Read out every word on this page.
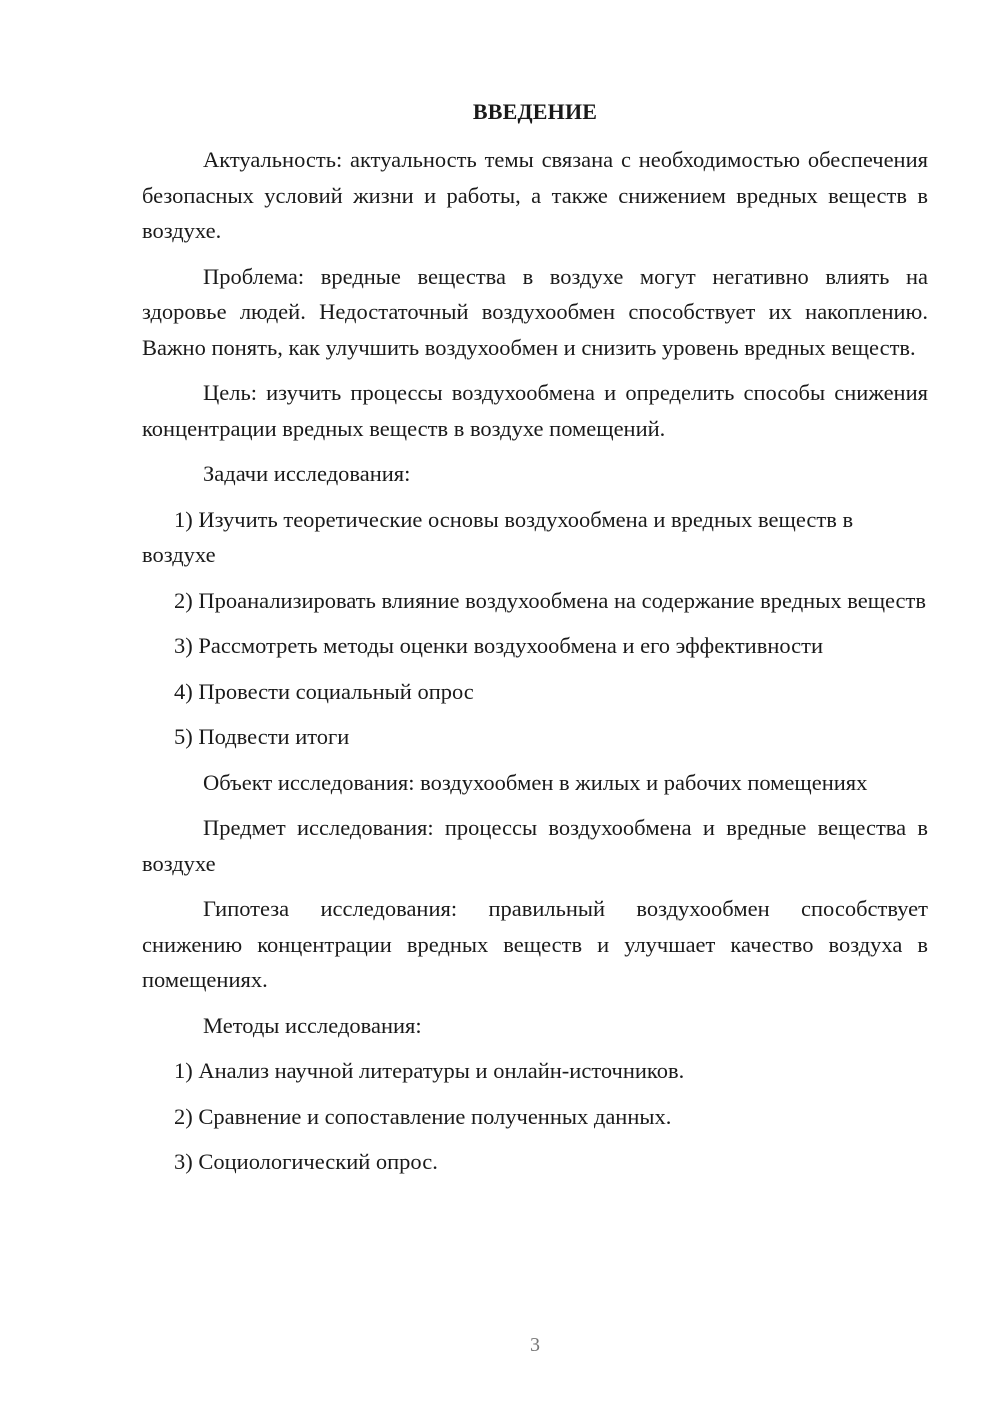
ВВЕДЕНИЕ

Актуальность: актуальность темы связана с необходимостью обеспечения безопасных условий жизни и работы, а также снижением вредных веществ в воздухе.

Проблема: вредные вещества в воздухе могут негативно влиять на здоровье людей. Недостаточный воздухообмен способствует их накоплению. Важно понять, как улучшить воздухообмен и снизить уровень вредных веществ.

Цель: изучить процессы воздухообмена и определить способы снижения концентрации вредных веществ в воздухе помещений.

Задачи исследования:

1) Изучить теоретические основы воздухообмена и вредных веществ в воздухе

2) Проанализировать влияние воздухообмена на содержание вредных веществ

3) Рассмотреть методы оценки воздухообмена и его эффективности

4) Провести социальный опрос

5) Подвести итоги

Объект исследования: воздухообмен в жилых и рабочих помещениях

Предмет исследования: процессы воздухообмена и вредные вещества в воздухе

Гипотеза исследования: правильный воздухообмен способствует снижению концентрации вредных веществ и улучшает качество воздуха в помещениях.

Методы исследования:

1) Анализ научной литературы и онлайн-источников.

2) Сравнение и сопоставление полученных данных.

3) Социологический опрос.

3
